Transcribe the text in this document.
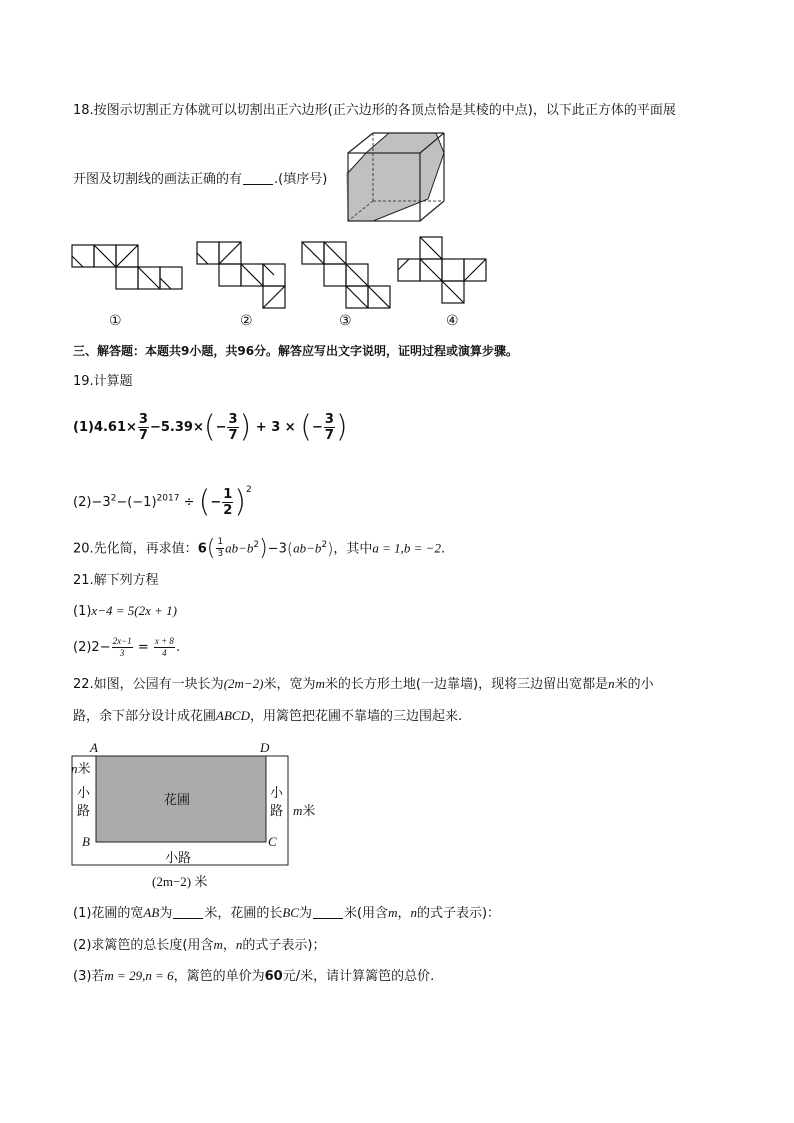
18.按图示切割正方体就可以切割出正六边形(正六边形的各顶点恰是其棱的中点)，以下此正方体的平面展
开图及切割线的画法正确的有 .(填序号)
①	②	③	④
三、解答题：本题共9小题，共96分。解答应写出文字说明，证明过程或演算步骤。
19.计算题
$(1)4.61\times \frac{3}{7} -5.39\times(- \frac{3}{7}$ ) + 3 × (− $\frac{3}{7}$ )
$(2)-3^2-(-1)^{2017}$ ÷ (− $\frac{1}{2} )^2$
20.先化简，再求值：$6( \frac{1}{3} ab-b^2)-3(ab-b^2)$，其中a = 1,b = −2.
21.解下列方程
(1)x−4 = 5(2x + 1)
$(2)2- \frac{2x-1}{3} = \frac{x + 8}{4}$ .
22.如图，公园有一块长为(2m−2)米，宽为m米的长方形土地(一边靠墙)，现将三边留出宽都是n米的小
路，余下部分设计成花圃ABCD，用篱笆把花圃不靠墙的三边围起来.
A	D
n米
小
路
花圃	小
路 m米
B	C
小路
(2m−2) 米
(1)花圃的宽AB为 米，花圃的长BC为 米(用含m，n的式子表示)：
(2)求篱笆的总长度(用含m，n的式子表示)；
(3)若m = 29,n = 6，篱笆的单价为60元/米，请计算篱笆的总价.
